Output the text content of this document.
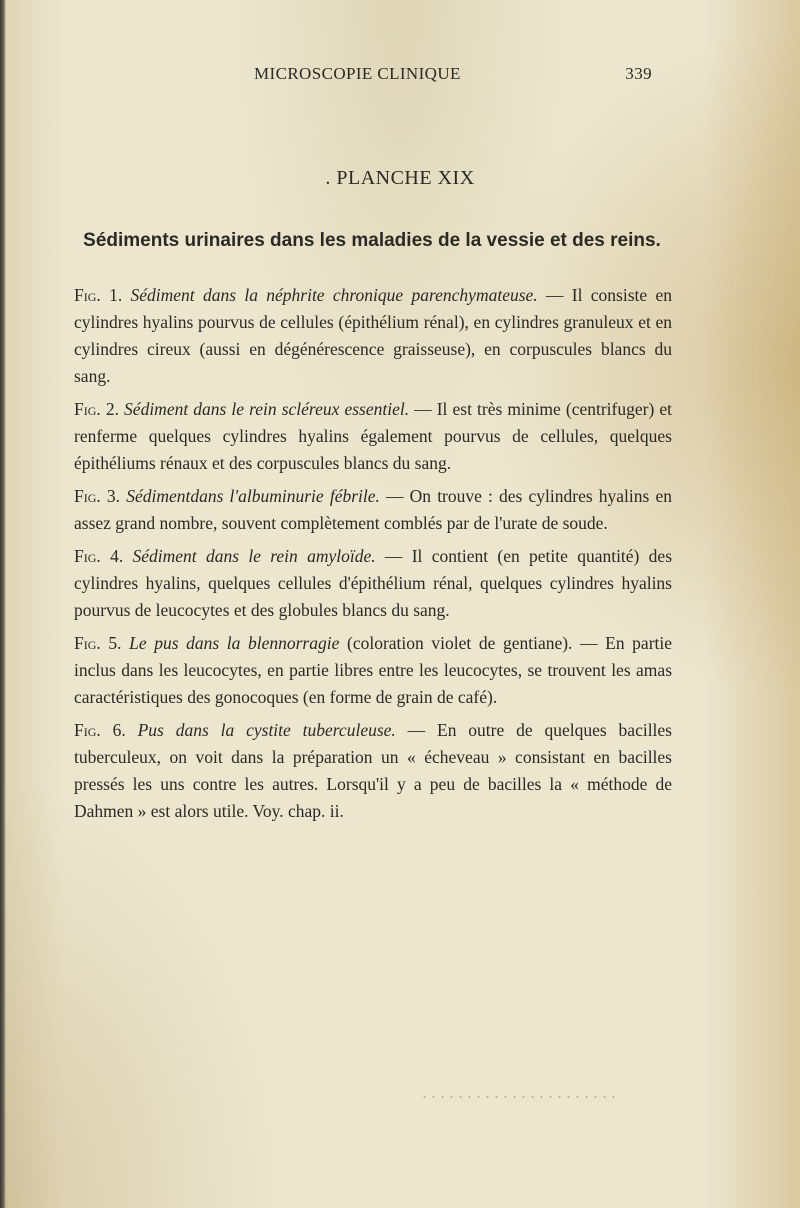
MICROSCOPIE CLINIQUE	339
. PLANCHE XIX
Sédiments urinaires dans les maladies de la vessie et des reins.

Fig. 1. Sédiment dans la néphrite chronique parenchymateuse. — Il consiste en cylindres hyalins pourvus de cellules (épithélium rénal), en cylindres granuleux et en cylindres cireux (aussi en dégénérescence graisseuse), en corpuscules blancs du sang.

Fig. 2. Sédiment dans le rein scléreux essentiel. — Il est très minime (centrifuger) et renferme quelques cylindres hyalins également pourvus de cellules, quelques épithéliums rénaux et des corpuscules blancs du sang.

Fig. 3. Sédimentdans l'albuminurie fébrile. — On trouve : des cylindres hyalins en assez grand nombre, souvent complètement comblés par de l'urate de soude.

Fig. 4. Sédiment dans le rein amyloïde. — Il contient (en petite quantité) des cylindres hyalins, quelques cellules d'épithélium rénal, quelques cylindres hyalins pourvus de leucocytes et des globules blancs du sang.

Fig. 5. Le pus dans la blennorragie (coloration violet de gentiane). — En partie inclus dans les leucocytes, en partie libres entre les leucocytes, se trouvent les amas caractéristiques des gonocoques (en forme de grain de café).

Fig. 6. Pus dans la cystite tuberculeuse. — En outre de quelques bacilles tuberculeux, on voit dans la préparation un « écheveau » consistant en bacilles pressés les uns contre les autres. Lorsqu'il y a peu de bacilles la « méthode de Dahmen » est alors utile. Voy. chap. ii.
